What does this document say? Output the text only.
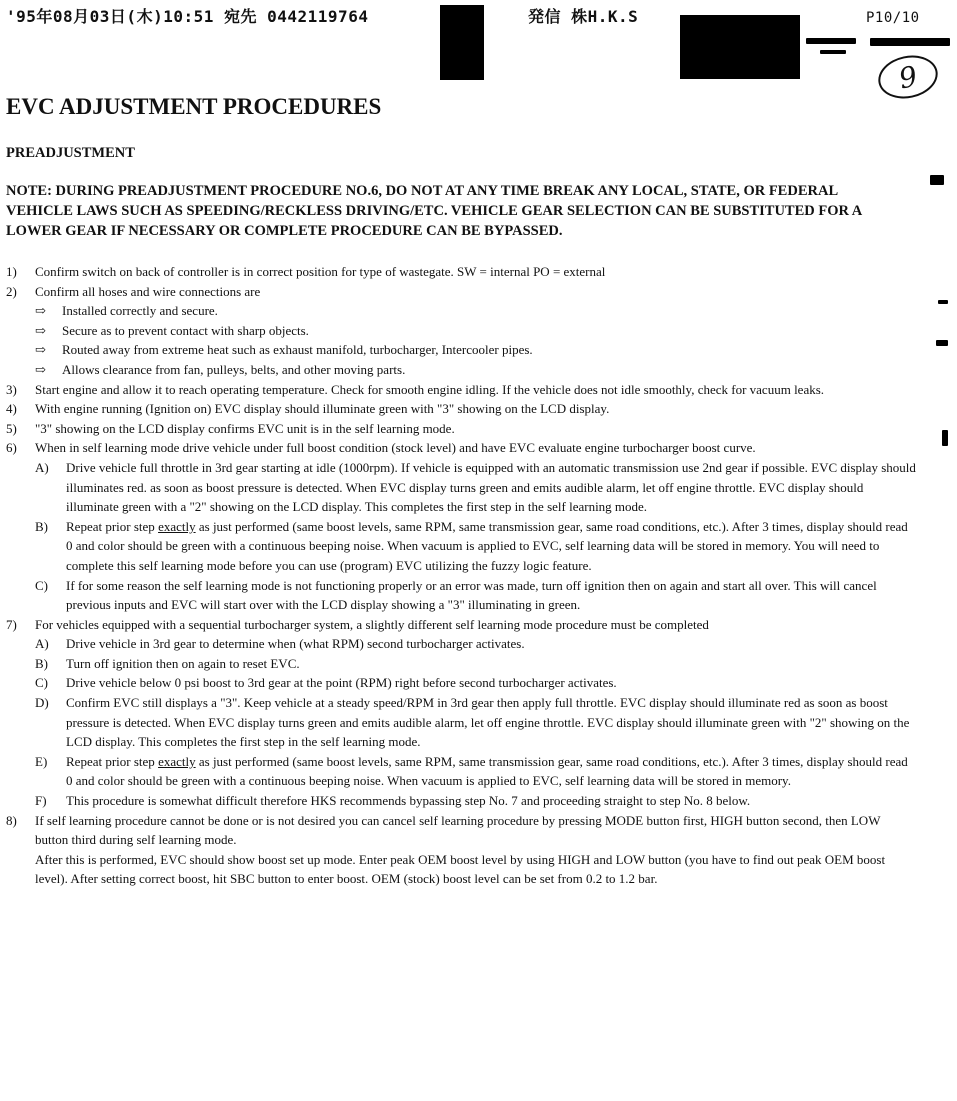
'95年08月03日(木)10:51 宛先 0442119764	発信 株H.K.S	P10/10
9
EVC ADJUSTMENT PROCEDURES
PREADJUSTMENT
NOTE: DURING PREADJUSTMENT PROCEDURE NO.6, DO NOT AT ANY TIME BREAK ANY LOCAL, STATE, OR FEDERAL VEHICLE LAWS SUCH AS SPEEDING/RECKLESS DRIVING/ETC. VEHICLE GEAR SELECTION CAN BE SUBSTITUTED FOR A LOWER GEAR IF NECESSARY OR COMPLETE PROCEDURE CAN BE BYPASSED.
1)	Confirm switch on back of controller is in correct position for type of wastegate. SW = internal PO = external
2)	Confirm all hoses and wire connections are
⇨	Installed correctly and secure.
⇨	Secure as to prevent contact with sharp objects.
⇨	Routed away from extreme heat such as exhaust manifold, turbocharger, Intercooler pipes.
⇨	Allows clearance from fan, pulleys, belts, and other moving parts.
3)	Start engine and allow it to reach operating temperature. Check for smooth engine idling. If the vehicle does not idle smoothly, check for vacuum leaks.
4)	With engine running (Ignition on) EVC display should illuminate green with "3" showing on the LCD display.
5)	"3" showing on the LCD display confirms EVC unit is in the self learning mode.
6)	When in self learning mode drive vehicle under full boost condition (stock level) and have EVC evaluate engine turbocharger boost curve.
A)	Drive vehicle full throttle in 3rd gear starting at idle (1000rpm). If vehicle is equipped with an automatic transmission use 2nd gear if possible. EVC display should illuminates red. as soon as boost pressure is detected. When EVC display turns green and emits audible alarm, let off engine throttle. EVC display should illuminate green with a "2" showing on the LCD display. This completes the first step in the self learning mode.
B)	Repeat prior step exactly as just performed (same boost levels, same RPM, same transmission gear, same road conditions, etc.). After 3 times, display should read 0 and color should be green with a continuous beeping noise. When vacuum is applied to EVC, self learning data will be stored in memory. You will need to complete this self learning mode before you can use (program) EVC utilizing the fuzzy logic feature.
C)	If for some reason the self learning mode is not functioning properly or an error was made, turn off ignition then on again and start all over. This will cancel previous inputs and EVC will start over with the LCD display showing a "3" illuminating in green.
7)	For vehicles equipped with a sequential turbocharger system, a slightly different self learning mode procedure must be completed
A)	Drive vehicle in 3rd gear to determine when (what RPM) second turbocharger activates.
B)	Turn off ignition then on again to reset EVC.
C)	Drive vehicle below 0 psi boost to 3rd gear at the point (RPM) right before second turbocharger activates.
D)	Confirm EVC still displays a "3". Keep vehicle at a steady speed/RPM in 3rd gear then apply full throttle. EVC display should illuminate red as soon as boost pressure is detected. When EVC display turns green and emits audible alarm, let off engine throttle. EVC display should illuminate green with "2" showing on the LCD display. This completes the first step in the self learning mode.
E)	Repeat prior step exactly as just performed (same boost levels, same RPM, same transmission gear, same road conditions, etc.). After 3 times, display should read 0 and color should be green with a continuous beeping noise. When vacuum is applied to EVC, self learning data will be stored in memory.
F)	This procedure is somewhat difficult therefore HKS recommends bypassing step No. 7 and proceeding straight to step No. 8 below.
8)	If self learning procedure cannot be done or is not desired you can cancel self learning procedure by pressing MODE button first, HIGH button second, then LOW button third during self learning mode.
After this is performed, EVC should show boost set up mode. Enter peak OEM boost level by using HIGH and LOW button (you have to find out peak OEM boost level). After setting correct boost, hit SBC button to enter boost. OEM (stock) boost level can be set from 0.2 to 1.2 bar.
